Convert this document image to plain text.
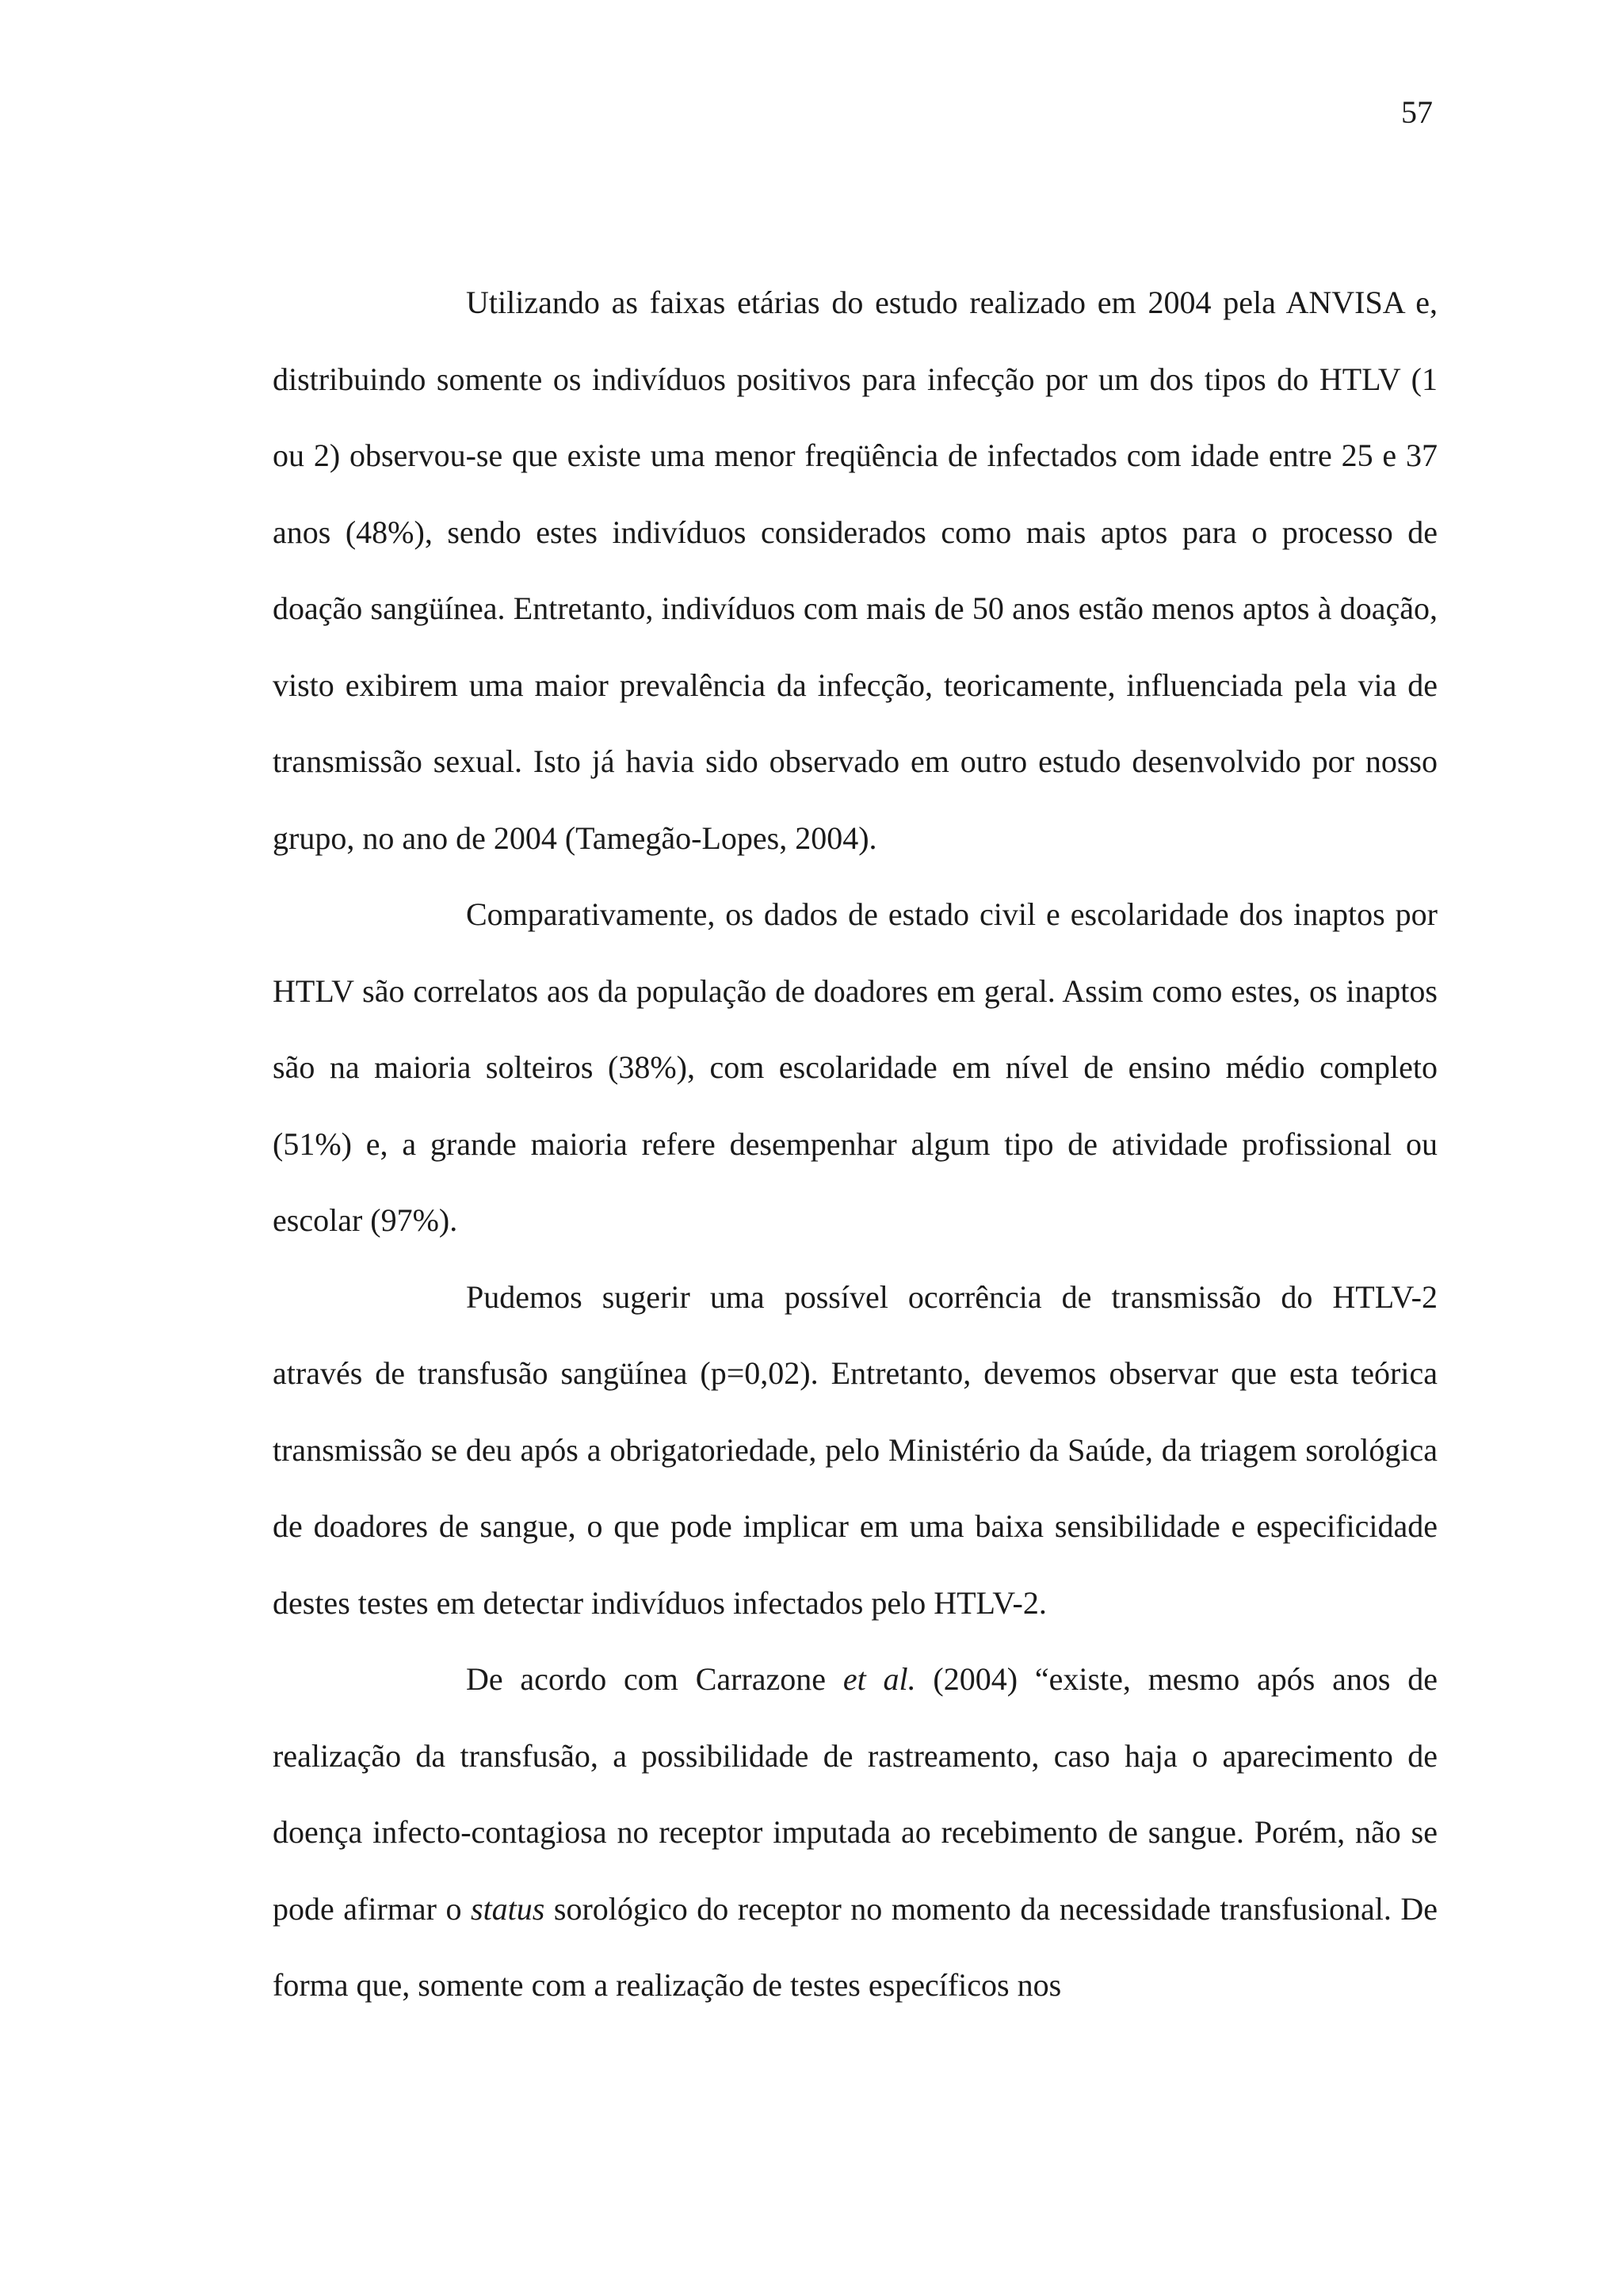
57

Utilizando as faixas etárias do estudo realizado em 2004 pela ANVISA e, distribuindo somente os indivíduos positivos para infecção por um dos tipos do HTLV (1 ou 2) observou-se que existe uma menor freqüência de infectados com idade entre 25 e 37 anos (48%), sendo estes indivíduos considerados como mais aptos para o processo de doação sangüínea. Entretanto, indivíduos com mais de 50 anos estão menos aptos à doação, visto exibirem uma maior prevalência da infecção, teoricamente, influenciada pela via de transmissão sexual. Isto já havia sido observado em outro estudo desenvolvido por nosso grupo, no ano de 2004 (Tamegão-Lopes, 2004).

Comparativamente, os dados de estado civil e escolaridade dos inaptos por HTLV são correlatos aos da população de doadores em geral. Assim como estes, os inaptos são na maioria solteiros (38%), com escolaridade em nível de ensino médio completo (51%) e, a grande maioria refere desempenhar algum tipo de atividade profissional ou escolar (97%).

Pudemos sugerir uma possível ocorrência de transmissão do HTLV-2 através de transfusão sangüínea (p=0,02). Entretanto, devemos observar que esta teórica transmissão se deu após a obrigatoriedade, pelo Ministério da Saúde, da triagem sorológica de doadores de sangue, o que pode implicar em uma baixa sensibilidade e especificidade destes testes em detectar indivíduos infectados pelo HTLV-2.

De acordo com Carrazone et al. (2004) “existe, mesmo após anos de realização da transfusão, a possibilidade de rastreamento, caso haja o aparecimento de doença infecto-contagiosa no receptor imputada ao recebimento de sangue. Porém, não se pode afirmar o status sorológico do receptor no momento da necessidade transfusional. De forma que, somente com a realização de testes específicos nos
